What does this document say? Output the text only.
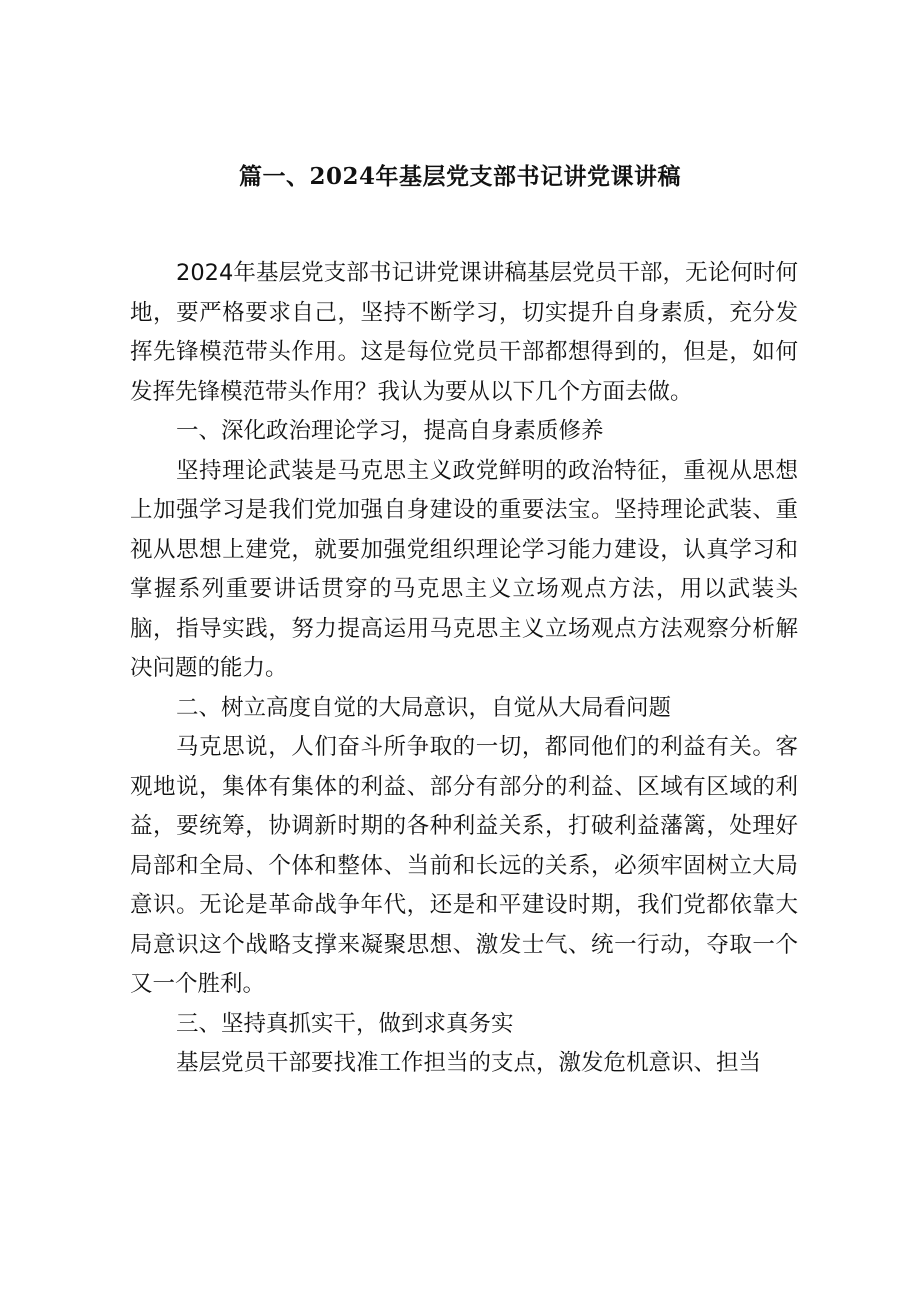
篇一、2024年基层党支部书记讲党课讲稿

2024年基层党支部书记讲党课讲稿基层党员干部，无论何时何地，要严格要求自己，坚持不断学习，切实提升自身素质，充分发挥先锋模范带头作用。这是每位党员干部都想得到的，但是，如何发挥先锋模范带头作用？我认为要从以下几个方面去做。

一、深化政治理论学习，提高自身素质修养

坚持理论武装是马克思主义政党鲜明的政治特征，重视从思想上加强学习是我们党加强自身建设的重要法宝。坚持理论武装、重视从思想上建党，就要加强党组织理论学习能力建设，认真学习和掌握系列重要讲话贯穿的马克思主义立场观点方法，用以武装头脑，指导实践，努力提高运用马克思主义立场观点方法观察分析解决问题的能力。

二、树立高度自觉的大局意识，自觉从大局看问题

马克思说，人们奋斗所争取的一切，都同他们的利益有关。客观地说，集体有集体的利益、部分有部分的利益、区域有区域的利益，要统筹，协调新时期的各种利益关系，打破利益藩篱，处理好局部和全局、个体和整体、当前和长远的关系，必须牢固树立大局意识。无论是革命战争年代，还是和平建设时期，我们党都依靠大局意识这个战略支撑来凝聚思想、激发士气、统一行动，夺取一个又一个胜利。

三、坚持真抓实干，做到求真务实

基层党员干部要找准工作担当的支点，激发危机意识、担当
